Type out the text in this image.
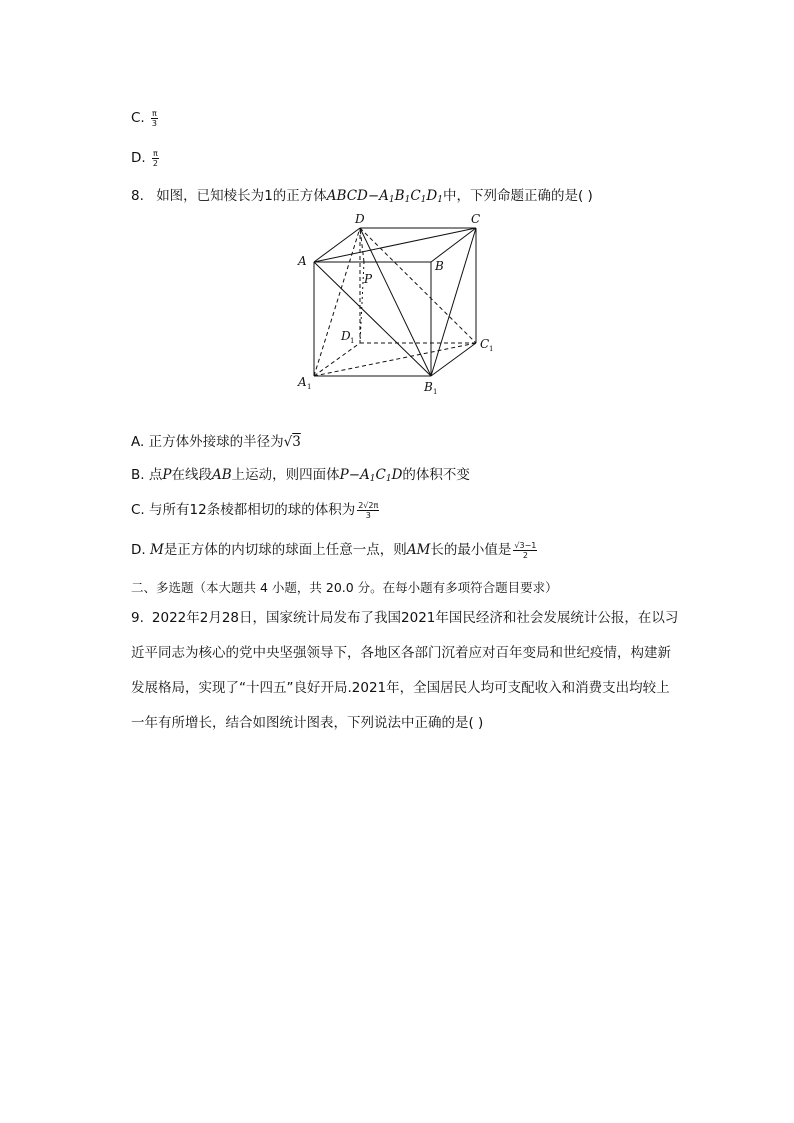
C. $\frac{\pi}{3}$
D. $\frac{\pi}{2}$
8. 如图，已知棱长为1的正方体$ABCD-A_1B_1C_1D_1$中，下列命题正确的是( )
D	C
A	B
P
D 1	C 1
A 1	B 1
A. 正方体外接球的半径为√3
B. 点P在线段AB上运动，则四面体$P-A_1C_1D$的体积不变
C. 与所有12条棱都相切的球的体积为 $\frac{2√2\pi}{3}$
D. M是正方体的内切球的球面上任意一点，则AM长的最小值是 $\frac{√3-1}{2}$
二、多选题（本大题共 4 小题，共 20.0 分。在每小题有多项符合题目要求）
9. 2022年2月28日，国家统计局发布了我国2021年国民经济和社会发展统计公报，在以习
近平同志为核心的党中央坚强领导下，各地区各部门沉着应对百年变局和世纪疫情，构建新
发展格局，实现了“十四五”良好开局.2021年，全国居民人均可支配收入和消费支出均较上
一年有所增长，结合如图统计图表，下列说法中正确的是( )
